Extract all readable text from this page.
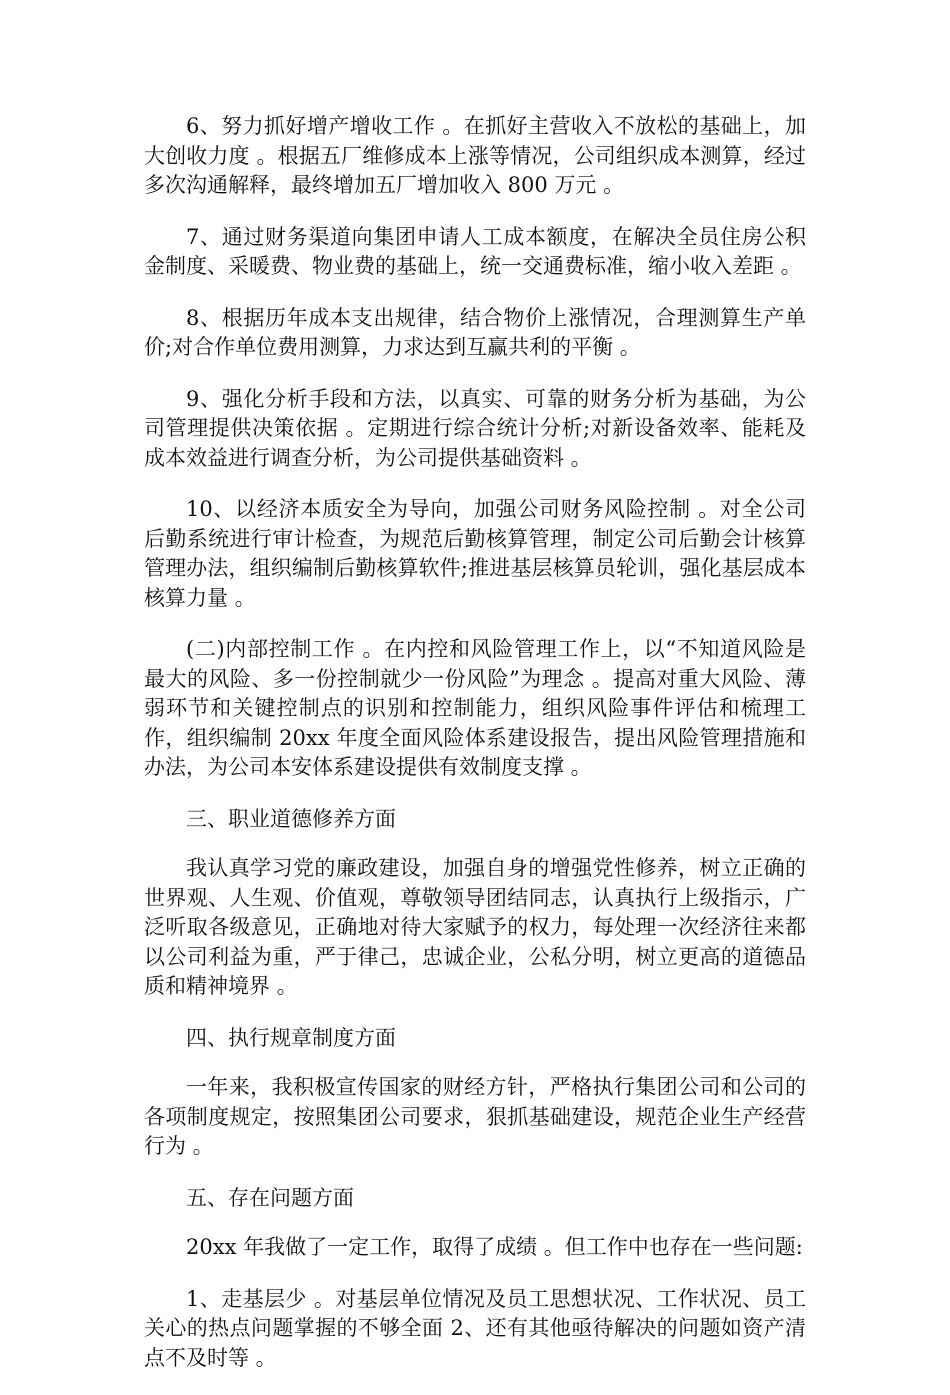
6、努力抓好增产增收工作 。在抓好主营收入不放松的基础上，加大创收力度 。根据五厂维修成本上涨等情况，公司组织成本测算，经过多次沟通解释，最终增加五厂增加收入 800 万元 。

7、通过财务渠道向集团申请人工成本额度，在解决全员住房公积金制度、采暖费、物业费的基础上，统一交通费标准，缩小收入差距 。

8、根据历年成本支出规律，结合物价上涨情况，合理测算生产单价;对合作单位费用测算，力求达到互赢共利的平衡 。

9、强化分析手段和方法，以真实、可靠的财务分析为基础，为公司管理提供决策依据 。定期进行综合统计分析;对新设备效率、能耗及成本效益进行调查分析，为公司提供基础资料 。

10、以经济本质安全为导向，加强公司财务风险控制 。对全公司后勤系统进行审计检查，为规范后勤核算管理，制定公司后勤会计核算管理办法，组织编制后勤核算软件;推进基层核算员轮训，强化基层成本核算力量 。

(二)内部控制工作 。在内控和风险管理工作上，以“不知道风险是最大的风险、多一份控制就少一份风险”为理念 。提高对重大风险、薄弱环节和关键控制点的识别和控制能力，组织风险事件评估和梳理工作，组织编制 20xx 年度全面风险体系建设报告，提出风险管理措施和办法，为公司本安体系建设提供有效制度支撑 。

三、职业道德修养方面

我认真学习党的廉政建设，加强自身的增强党性修养，树立正确的世界观、人生观、价值观，尊敬领导团结同志，认真执行上级指示，广泛听取各级意见，正确地对待大家赋予的权力，每处理一次经济往来都以公司利益为重，严于律己，忠诚企业，公私分明，树立更高的道德品质和精神境界 。

四、执行规章制度方面

一年来，我积极宣传国家的财经方针，严格执行集团公司和公司的各项制度规定，按照集团公司要求，狠抓基础建设，规范企业生产经营行为 。

五、存在问题方面

20xx 年我做了一定工作，取得了成绩 。但工作中也存在一些问题:

1、走基层少 。对基层单位情况及员工思想状况、工作状况、员工关心的热点问题掌握的不够全面 2、还有其他亟待解决的问题如资产清点不及时等 。
